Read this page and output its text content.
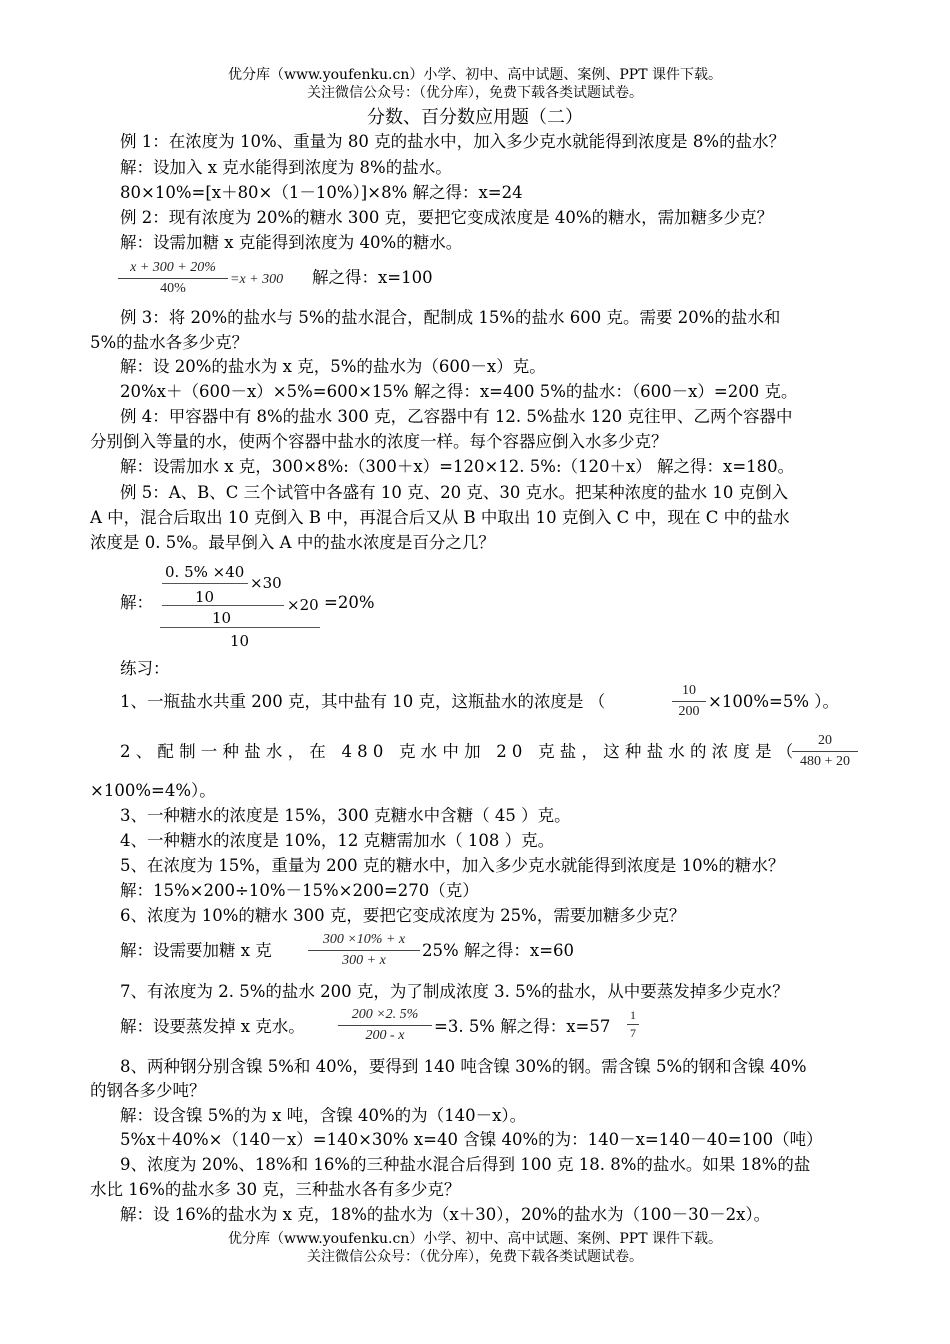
优分库（www.youfenku.cn）小学、初中、高中试题、案例、PPT 课件下载。
关注微信公众号：（优分库），免费下载各类试题试卷。
分数、百分数应用题（二）
例 1：在浓度为 10%、重量为 80 克的盐水中，加入多少克水就能得到浓度是 8%的盐水？
解：设加入 x 克水能得到浓度为 8%的盐水。
80×10%=[x＋80×（1－10%）]×8% 解之得：x=24
例 2：现有浓度为 20%的糖水 300 克，要把它变成浓度是 40%的糖水，需加糖多少克？
解：设需加糖 x 克能得到浓度为 40%的糖水。
x + 300 + 20%
40%
=x + 300 解之得：x=100
例 3：将 20%的盐水与 5%的盐水混合，配制成 15%的盐水 600 克。需要 20%的盐水和
5%的盐水各多少克？
解：设 20%的盐水为 x 克，5%的盐水为（600－x）克。
20%x＋（600－x）×5%=600×15% 解之得：x=400 5%的盐水：（600－x）=200 克。
例 4：甲容器中有 8%的盐水 300 克，乙容器中有 12. 5%盐水 120 克往甲、乙两个容器中
分别倒入等量的水，使两个容器中盐水的浓度一样。每个容器应倒入水多少克？
解：设需加水 x 克，300×8%:（300＋x）=120×12. 5%:（120＋x） 解之得：x=180。
例 5：A、B、C 三个试管中各盛有 10 克、20 克、30 克水。把某种浓度的盐水 10 克倒入
A 中，混合后取出 10 克倒入 B 中，再混合后又从 B 中取出 10 克倒入 C 中，现在 C 中的盐水
浓度是 0. 5%。最早倒入 A 中的盐水浓度是百分之几？
解：
0. 5% ×40
×30
10
10
×20
10
=20%
练习：
1、一瓶盐水共重 200 克，其中盐有 10 克，这瓶盐水的浓度是 （
10
200
×100%=5% ）。
2、配制一种盐水，在 480 克水中加 20 克盐，这种盐水的浓度是（
20
480 + 20
×100%=4%）。
3、一种糖水的浓度是 15%，300 克糖水中含糖（ 45 ）克。
4、一种糖水的浓度是 10%，12 克糖需加水（ 108 ）克。
5、在浓度为 15%，重量为 200 克的糖水中，加入多少克水就能得到浓度是 10%的糖水？
解：15%×200÷10%－15%×200=270（克）
6、浓度为 10%的糖水 300 克，要把它变成浓度为 25%，需要加糖多少克？
解：设需要加糖 x 克
300 ×10% + x
300 + x
25% 解之得：x=60
7、有浓度为 2. 5%的盐水 200 克，为了制成浓度 3. 5%的盐水，从中要蒸发掉多少克水？
解：设要蒸发掉 x 克水。
200 ×2. 5%
200 - x	=3. 5% 解之得：x=57
1
7
8、两种钢分别含镍 5%和 40%，要得到 140 吨含镍 30%的钢。需含镍 5%的钢和含镍 40%
的钢各多少吨？
解：设含镍 5%的为 x 吨，含镍 40%的为（140－x）。
5%x＋40%×（140－x）=140×30% x=40 含镍 40%的为：140－x=140－40=100（吨）
9、浓度为 20%、18%和 16%的三种盐水混合后得到 100 克 18. 8%的盐水。如果 18%的盐
水比 16%的盐水多 30 克，三种盐水各有多少克？
解：设 16%的盐水为 x 克，18%的盐水为（x＋30），20%的盐水为（100－30－2x）。
优分库（www.youfenku.cn）小学、初中、高中试题、案例、PPT 课件下载。
关注微信公众号：（优分库），免费下载各类试题试卷。
